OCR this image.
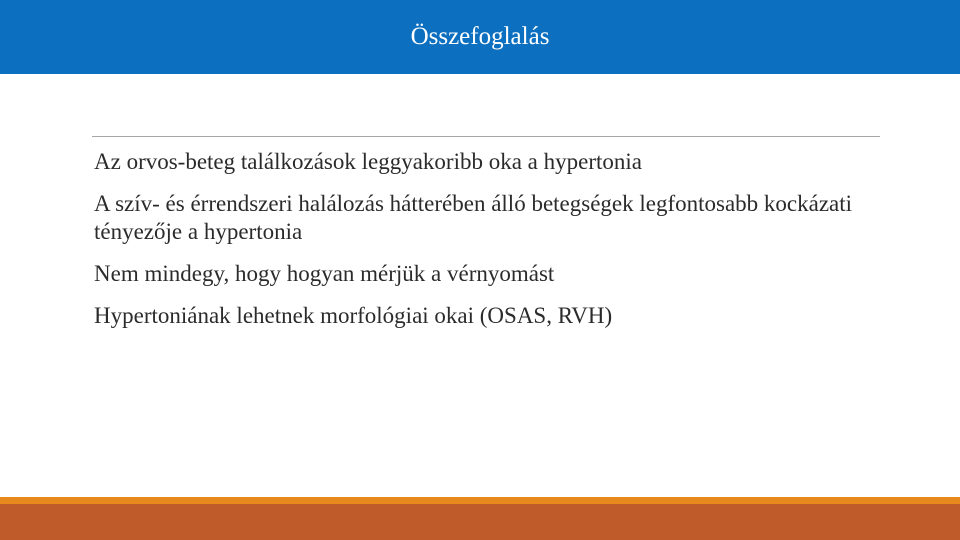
Összefoglalás
Az orvos-beteg találkozások leggyakoribb oka a hypertonia
A szív- és érrendszeri halálozás hátterében álló betegségek legfontosabb kockázati tényezője a hypertonia
Nem mindegy, hogy hogyan mérjük a vérnyomást
Hypertoniának lehetnek morfológiai okai (OSAS, RVH)
